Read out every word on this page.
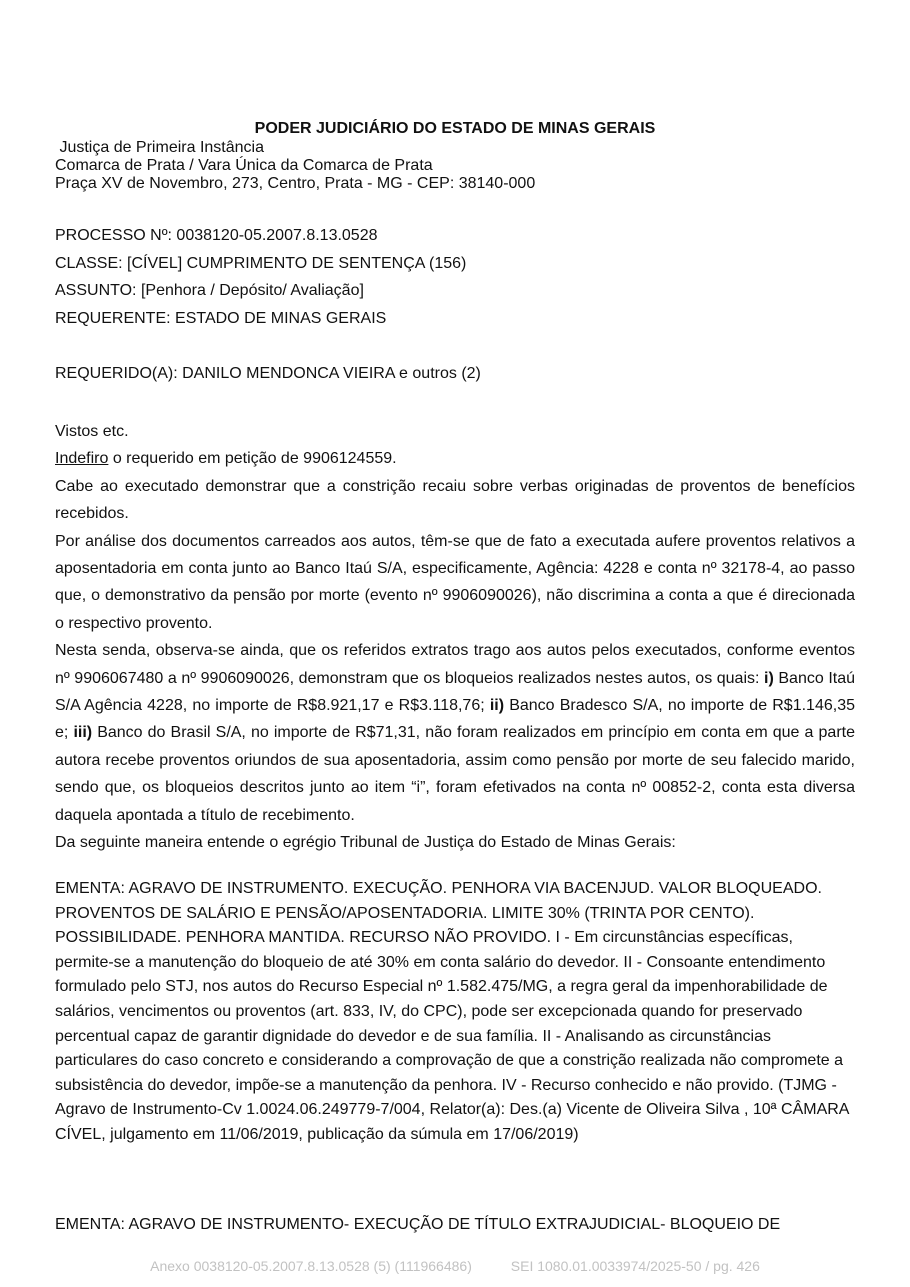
PODER JUDICIÁRIO DO ESTADO DE MINAS GERAIS
Justiça de Primeira Instância
Comarca de Prata / Vara Única da Comarca de Prata
Praça XV de Novembro, 273, Centro, Prata - MG - CEP: 38140-000
PROCESSO Nº: 0038120-05.2007.8.13.0528
CLASSE: [CÍVEL] CUMPRIMENTO DE SENTENÇA (156)
ASSUNTO: [Penhora / Depósito/ Avaliação]
REQUERENTE: ESTADO DE MINAS GERAIS
REQUERIDO(A): DANILO MENDONCA VIEIRA e outros (2)

Vistos etc.

Indefiro o requerido em petição de 9906124559.

Cabe ao executado demonstrar que a constrição recaiu sobre verbas originadas de proventos de benefícios recebidos.

Por análise dos documentos carreados aos autos, têm-se que de fato a executada aufere proventos relativos a aposentadoria em conta junto ao Banco Itaú S/A, especificamente, Agência: 4228 e conta nº 32178-4, ao passo que, o demonstrativo da pensão por morte (evento nº 9906090026), não discrimina a conta a que é direcionada o respectivo provento.

Nesta senda, observa-se ainda, que os referidos extratos trago aos autos pelos executados, conforme eventos nº 9906067480 a nº 9906090026, demonstram que os bloqueios realizados nestes autos, os quais: i) Banco Itaú S/A Agência 4228, no importe de R$8.921,17 e R$3.118,76; ii) Banco Bradesco S/A, no importe de R$1.146,35 e; iii) Banco do Brasil S/A, no importe de R$71,31, não foram realizados em princípio em conta em que a parte autora recebe proventos oriundos de sua aposentadoria, assim como pensão por morte de seu falecido marido, sendo que, os bloqueios descritos junto ao item “i”, foram efetivados na conta nº 00852-2, conta esta diversa daquela apontada a título de recebimento.

Da seguinte maneira entende o egrégio Tribunal de Justiça do Estado de Minas Gerais:

EMENTA: AGRAVO DE INSTRUMENTO. EXECUÇÃO. PENHORA VIA BACENJUD. VALOR BLOQUEADO. PROVENTOS DE SALÁRIO E PENSÃO/APOSENTADORIA. LIMITE 30% (TRINTA POR CENTO). POSSIBILIDADE. PENHORA MANTIDA. RECURSO NÃO PROVIDO. I - Em circunstâncias específicas, permite-se a manutenção do bloqueio de até 30% em conta salário do devedor. II - Consoante entendimento formulado pelo STJ, nos autos do Recurso Especial nº 1.582.475/MG, a regra geral da impenhorabilidade de salários, vencimentos ou proventos (art. 833, IV, do CPC), pode ser excepcionada quando for preservado percentual capaz de garantir dignidade do devedor e de sua família. II - Analisando as circunstâncias particulares do caso concreto e considerando a comprovação de que a constrição realizada não compromete a subsistência do devedor, impõe-se a manutenção da penhora. IV - Recurso conhecido e não provido. (TJMG - Agravo de Instrumento-Cv 1.0024.06.249779-7/004, Relator(a): Des.(a) Vicente de Oliveira Silva , 10ª CÂMARA CÍVEL, julgamento em 11/06/2019, publicação da súmula em 17/06/2019)

EMENTA: AGRAVO DE INSTRUMENTO- EXECUÇÃO DE TÍTULO EXTRAJUDICIAL- BLOQUEIO DE

Anexo 0038120-05.2007.8.13.0528 (5) (111966486)          SEI 1080.01.0033974/2025-50 / pg. 426
